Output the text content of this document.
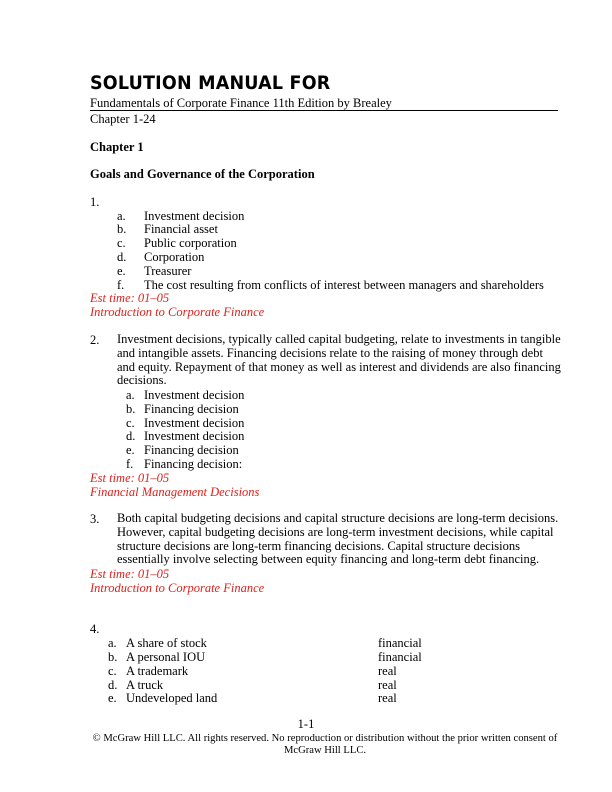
SOLUTION MANUAL FOR
Fundamentals of Corporate Finance 11th Edition by Brealey
Chapter 1-24
Chapter 1
Goals and Governance of the Corporation
1.
a. Investment decision
b. Financial asset
c. Public corporation
d. Corporation
e. Treasurer
f. The cost resulting from conflicts of interest between managers and shareholders
Est time: 01–05
Introduction to Corporate Finance
2. Investment decisions, typically called capital budgeting, relate to investments in tangible and intangible assets. Financing decisions relate to the raising of money through debt and equity. Repayment of that money as well as interest and dividends are also financing decisions.
a. Investment decision
b. Financing decision
c. Investment decision
d. Investment decision
e. Financing decision
f. Financing decision:
Est time: 01–05
Financial Management Decisions
3. Both capital budgeting decisions and capital structure decisions are long-term decisions. However, capital budgeting decisions are long-term investment decisions, while capital structure decisions are long-term financing decisions. Capital structure decisions essentially involve selecting between equity financing and long-term debt financing.
Est time: 01–05
Introduction to Corporate Finance
4.
a. A share of stock	financial
b. A personal IOU	financial
c. A trademark	real
d. A truck	real
e. Undeveloped land	real
1-1
© McGraw Hill LLC. All rights reserved. No reproduction or distribution without the prior written consent of McGraw Hill LLC.
